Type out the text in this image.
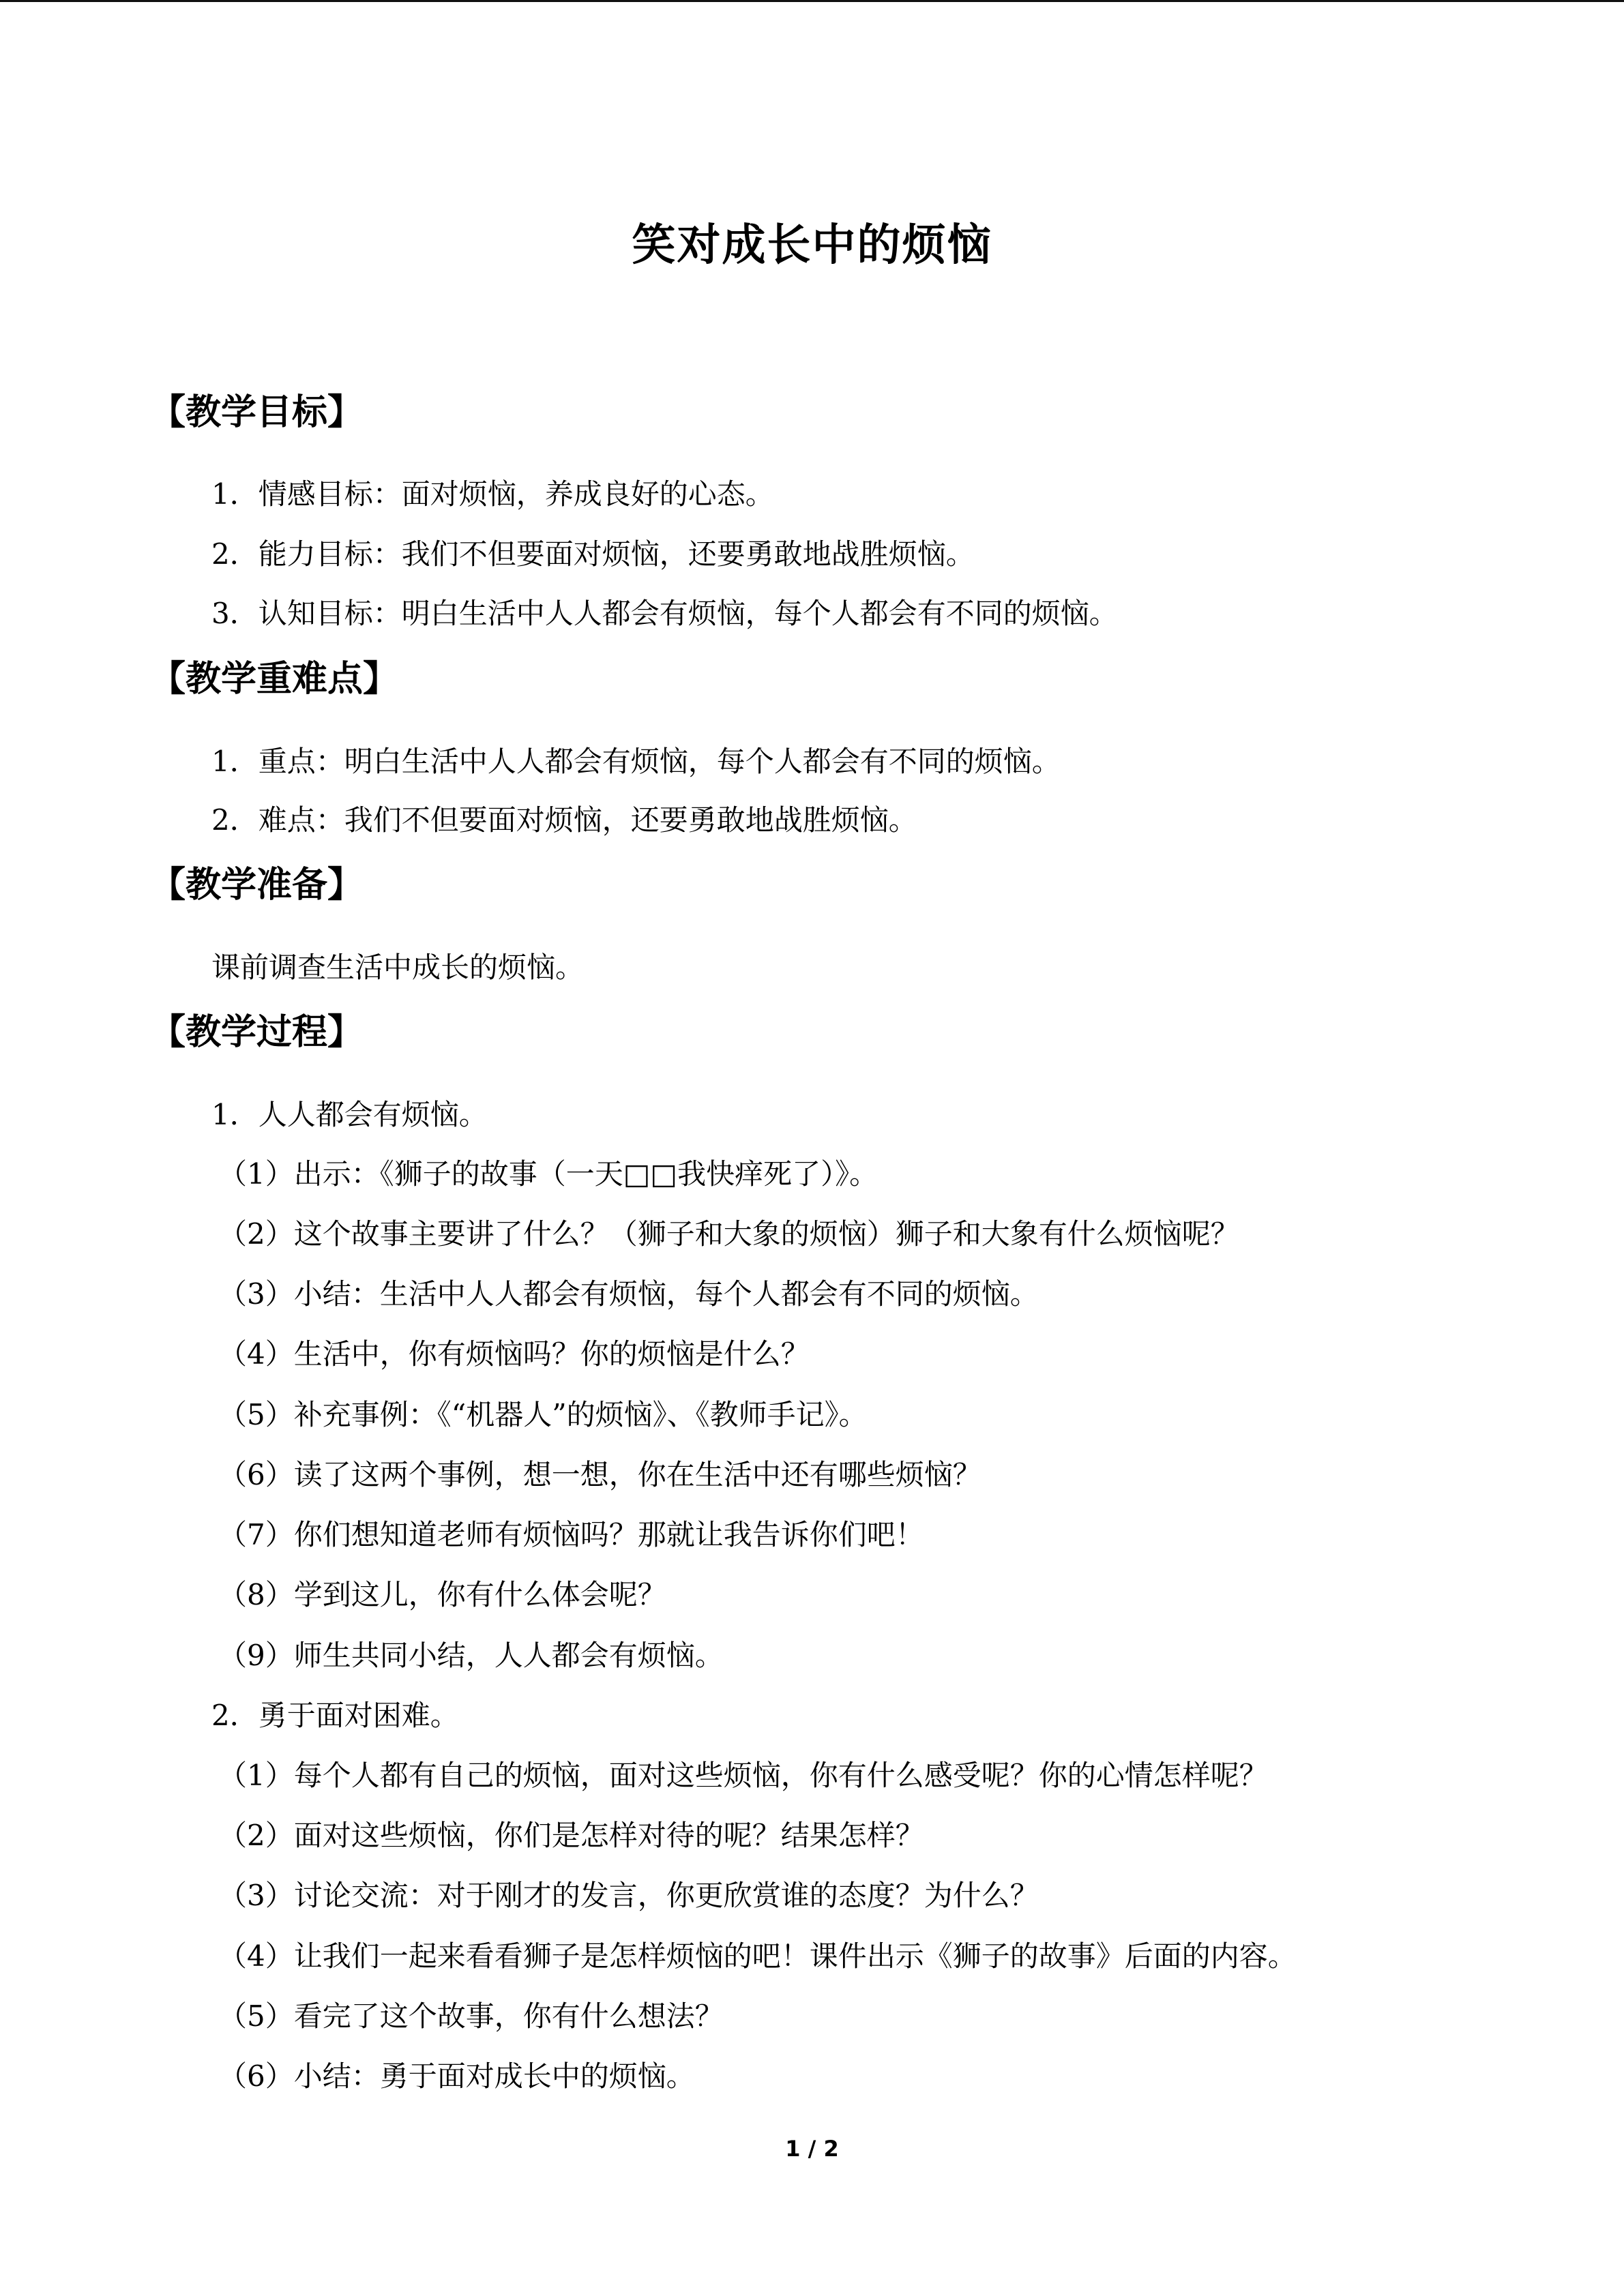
笑对成长中的烦恼
【教学目标】
1．情感目标：面对烦恼，养成良好的心态。
2．能力目标：我们不但要面对烦恼，还要勇敢地战胜烦恼。
3．认知目标：明白生活中人人都会有烦恼，每个人都会有不同的烦恼。
【教学重难点】
1．重点：明白生活中人人都会有烦恼，每个人都会有不同的烦恼。
2．难点：我们不但要面对烦恼，还要勇敢地战胜烦恼。
【教学准备】
课前调查生活中成长的烦恼。
【教学过程】
1．人人都会有烦恼。
（1）出示：《狮子的故事（一天□□我快痒死了）》。
（2）这个故事主要讲了什么？（狮子和大象的烦恼）狮子和大象有什么烦恼呢？
（3）小结：生活中人人都会有烦恼，每个人都会有不同的烦恼。
（4）生活中，你有烦恼吗？你的烦恼是什么？
（5）补充事例：《“机器人”的烦恼》、《教师手记》。
（6）读了这两个事例，想一想，你在生活中还有哪些烦恼？
（7）你们想知道老师有烦恼吗？那就让我告诉你们吧！
（8）学到这儿，你有什么体会呢？
（9）师生共同小结，人人都会有烦恼。
2．勇于面对困难。
（1）每个人都有自己的烦恼，面对这些烦恼，你有什么感受呢？你的心情怎样呢？
（2）面对这些烦恼，你们是怎样对待的呢？结果怎样？
（3）讨论交流：对于刚才的发言，你更欣赏谁的态度？为什么？
（4）让我们一起来看看狮子是怎样烦恼的吧！课件出示《狮子的故事》后面的内容。
（5）看完了这个故事，你有什么想法？
（6）小结：勇于面对成长中的烦恼。
1 / 2
